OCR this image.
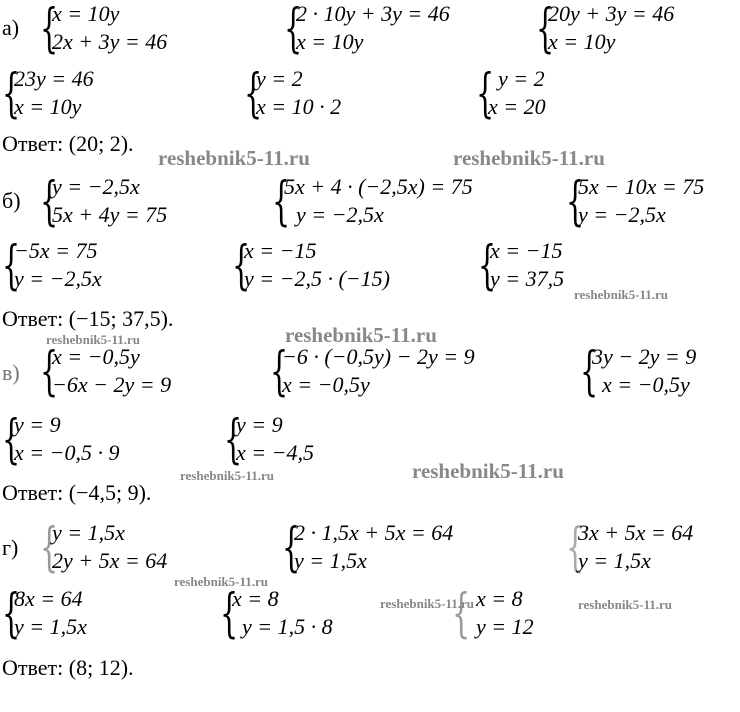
а) {
x = 10y
2x + 3y = 46 {
2 · 10y + 3y = 46
x = 10y	{
20y + 3y = 46
x = 10y
{
23y = 46
x = 10y	{
y = 2
x = 10 · 2	{ y = 2
x = 20
Ответ: (20; 2).
б) {
y = −2,5x
5x + 4y = 75 {
5x + 4 · (−2,5x) = 75
y = −2,5x	{
5x − 10x = 75
y = −2,5x
{
−5x = 75
y = −2,5x	{
x = −15
y = −2,5 · (−15) {
x = −15
y = 37,5
Ответ: (−15; 37,5).
в) {
x = −0,5y
−6x − 2y = 9 {
−6 · (−0,5y) − 2y = 9
x = −0,5y	{
3y − 2y = 9
x = −0,5y
{
y = 9
x = −0,5 · 9 {
y = 9
x = −4,5
Ответ: (−4,5; 9).
г) {
y = 1,5x
2y + 5x = 64 {
2 · 1,5x + 5x = 64
y = 1,5x	{
3x + 5x = 64
y = 1,5x
{
8x = 64
y = 1,5x	{
x = 8
y = 1,5 · 8 { x = 8
y = 12
Ответ: (8; 12).
reshebnik5-11.ru	reshebnik5-11.ru
reshebnik5-11.ru
reshebnik5-11.ru
reshebnik5-11.ru
reshebnik5-11.ru	reshebnik5-11.ru
reshebnik5-11.ru
reshebnik5-11.ru	reshebnik5-11.ru
